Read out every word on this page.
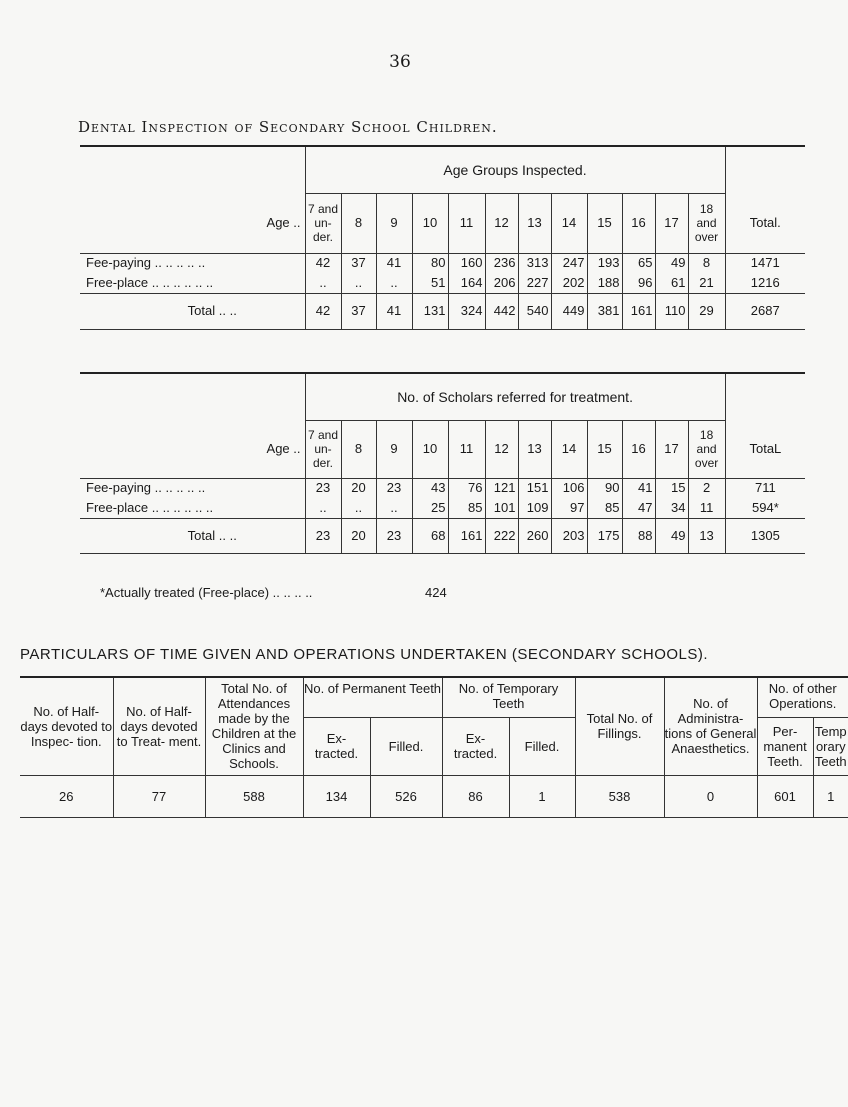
36
Dental Inspection of Secondary School Children.
	Age Groups Inspected.												
Age ..	7 and un- der.	8	9	10	11	12	13	14	15	16	17	18 and over	Total.
Fee-paying .. .. .. .. ..	42	37	41	80	160	236	313	247	193	65	49	8	1471
Free-place .. .. .. .. .. ..	..	..	..	51	164	206	227	202	188	96	61	21	1216
Total .. ..	42	37	41	131	324	442	540	449	381	161	110	29	2687
	No. of Scholars referred for treatment.												
Age ..	7 and un- der.	8	9	10	11	12	13	14	15	16	17	18 and over	TotaL
Fee-paying .. .. .. .. ..	23	20	23	43	76	121	151	106	90	41	15	2	711
Free-place .. .. .. .. .. ..	..	..	..	25	85	101	109	97	85	47	34	11	594*
Total .. ..	23	20	23	68	161	222	260	203	175	88	49	13	1305
*Actually treated (Free-place) .. .. .. ..	424
PARTICULARS OF TIME GIVEN AND OPERATIONS UNDERTAKEN (SECONDARY SCHOOLS).
No. of Half-days devoted to Inspec- tion.	No. of Half-days devoted to Treat- ment.	Total No. of Attendances made by the Children at the Clinics and Schools.	No. of Permanent Teeth		No. of Temporary Teeth		Total No. of Fillings.	No. of Administra- tions of General Anaesthetics.	No. of other Operations.	
			Ex- tracted.	Filled.	Ex- tracted.	Filled.			Per- manent Teeth.	Temp orary Teeth
26	77	588	134	526	86	1	538	0	601	1
